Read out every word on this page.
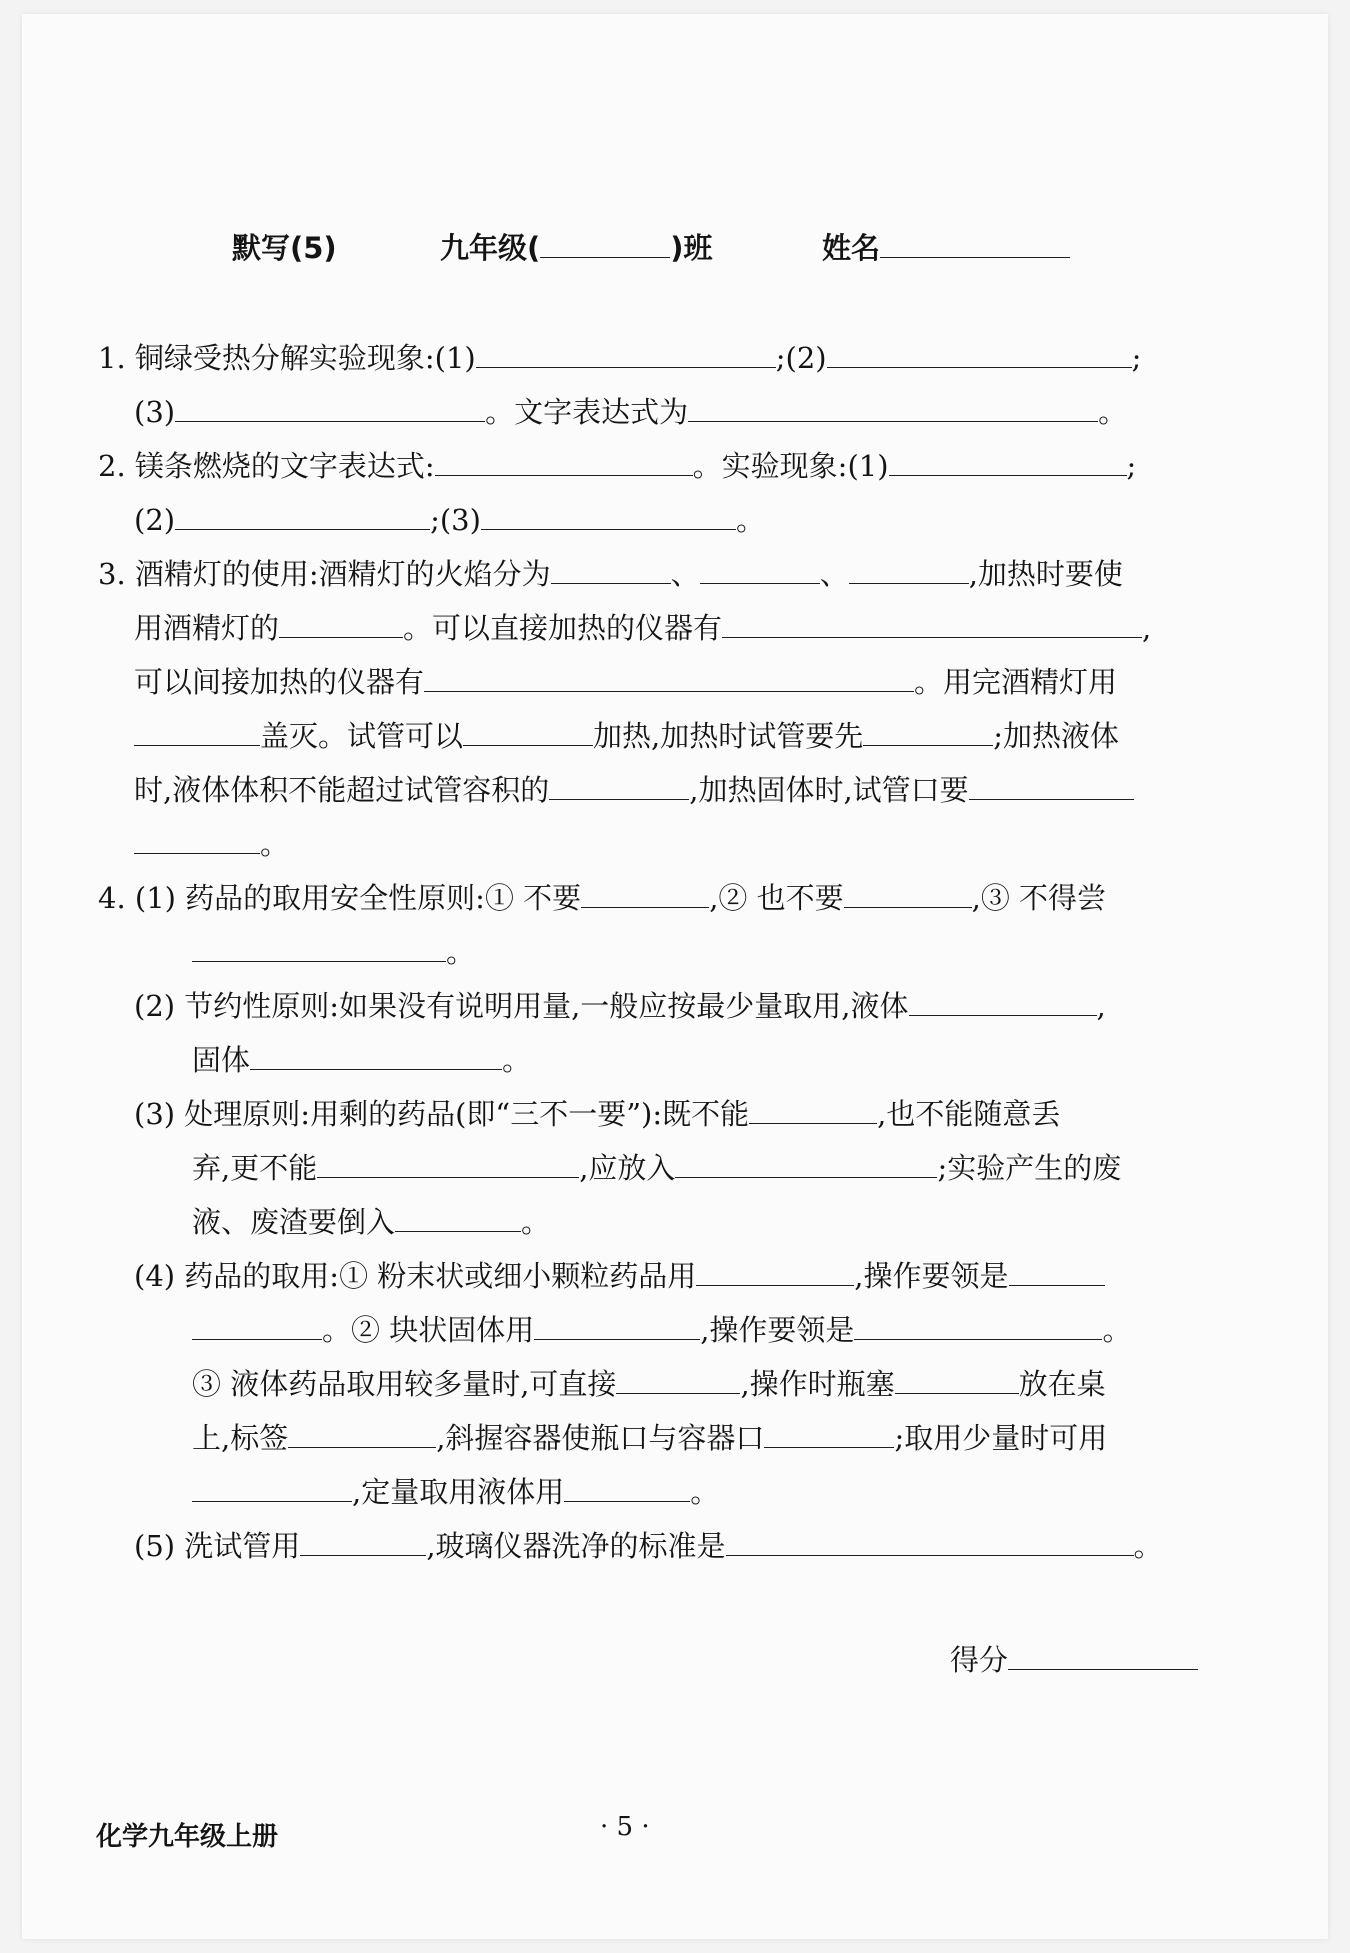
默写(5)	九年级(	)班	姓名
1. 铜绿受热分解实验现象:(1)	;(2)	;
(3)	。文字表达式为	。
2. 镁条燃烧的文字表达式:	。实验现象:(1)	;
(2)	;(3)	。
3. 酒精灯的使用:酒精灯的火焰分为	、	、	,加热时要使
用酒精灯的	。可以直接加热的仪器有	,
可以间接加热的仪器有	。用完酒精灯用
盖灭。试管可以	加热,加热时试管要先	;加热液体
时,液体体积不能超过试管容积的	,加热固体时,试管口要
。
4. (1) 药品的取用安全性原则:① 不要	,② 也不要	,③ 不得尝
。
(2) 节约性原则:如果没有说明用量,一般应按最少量取用,液体	,
固体	。
(3) 处理原则:用剩的药品(即“三不一要”):既不能	,也不能随意丢
弃,更不能	,应放入	;实验产生的废
液、废渣要倒入	。
(4) 药品的取用:① 粉末状或细小颗粒药品用	,操作要领是
。② 块状固体用	,操作要领是	。
③ 液体药品取用较多量时,可直接	,操作时瓶塞	放在桌
上,标签	,斜握容器使瓶口与容器口	;取用少量时可用
,定量取用液体用	。
(5) 洗试管用	,玻璃仪器洗净的标准是	。
得分
化学九年级上册	· 5 ·
